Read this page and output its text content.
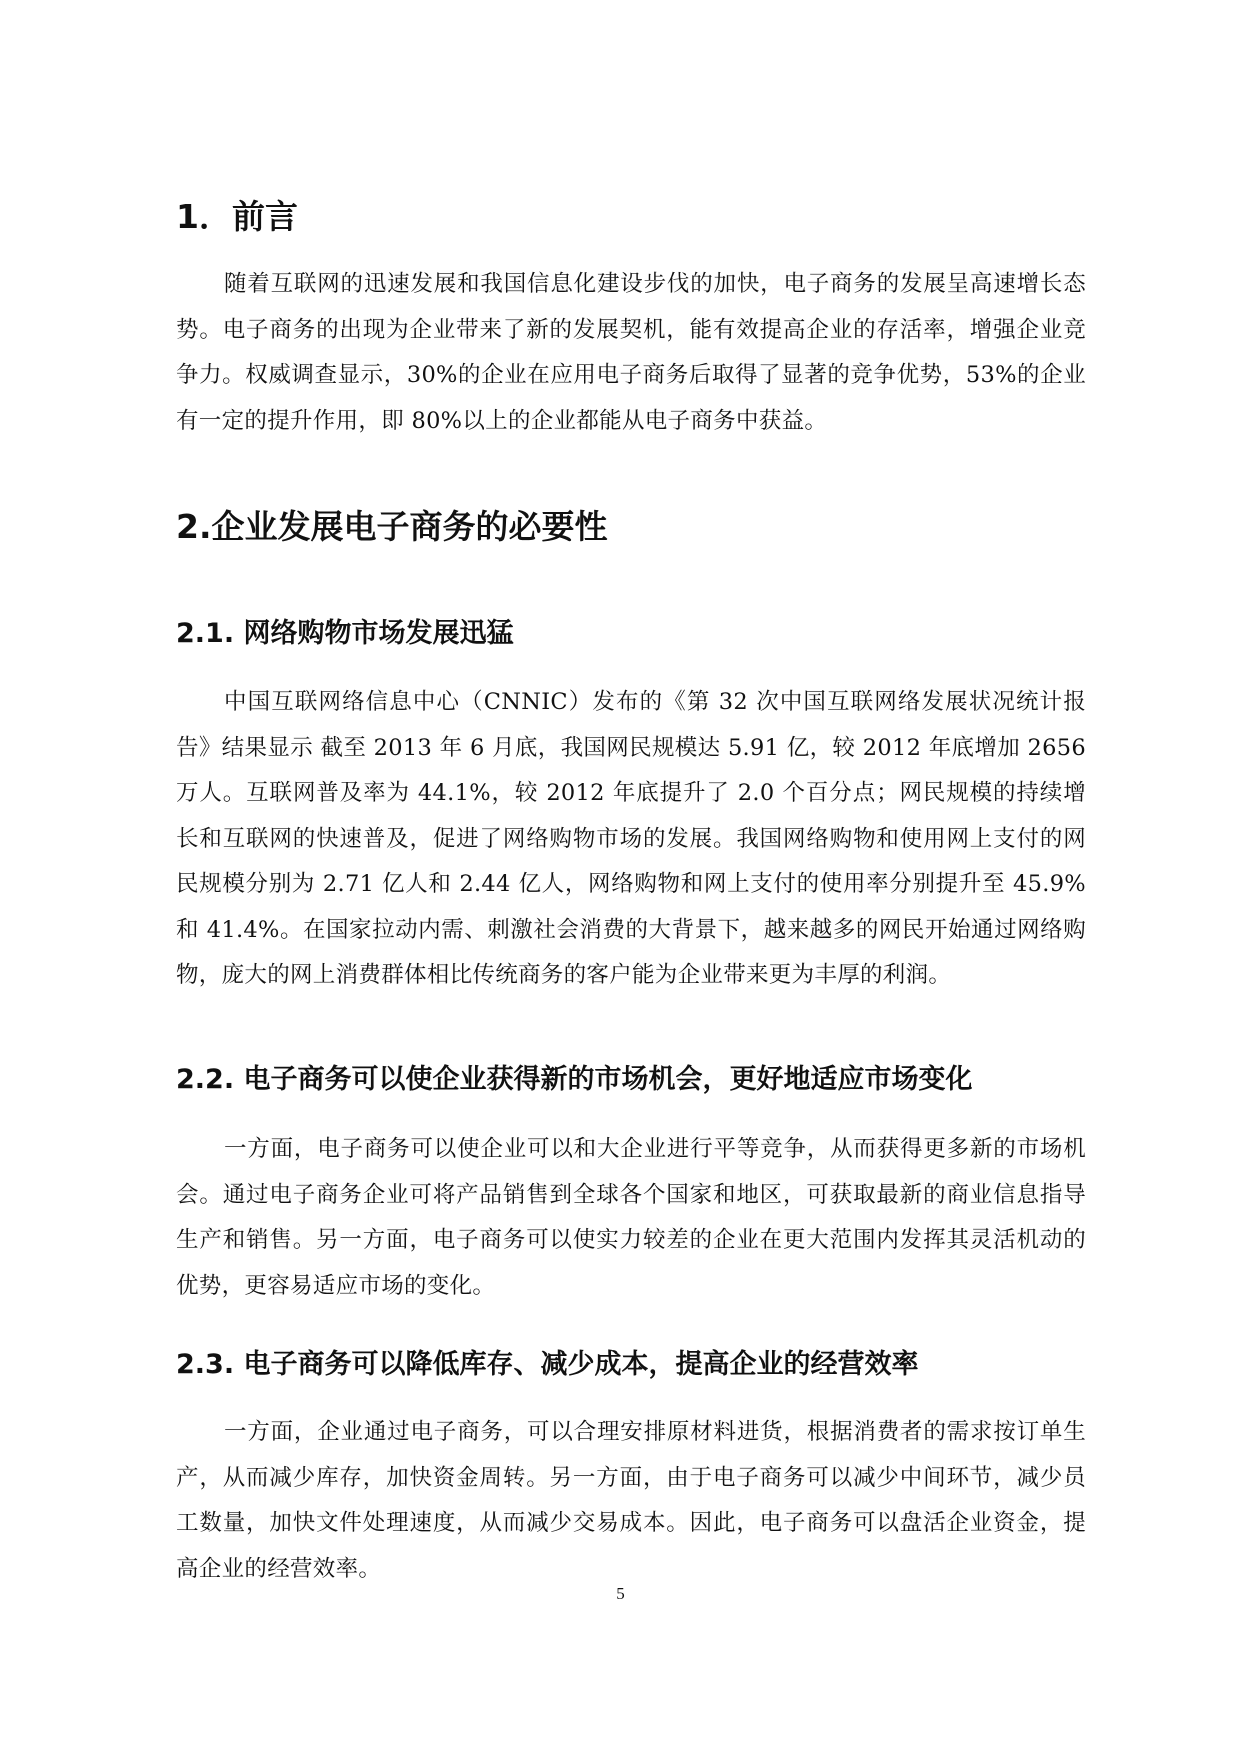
1．前言

随着互联网的迅速发展和我国信息化建设步伐的加快，电子商务的发展呈高速增长态势。电子商务的出现为企业带来了新的发展契机，能有效提高企业的存活率，增强企业竞争力。权威调查显示，30%的企业在应用电子商务后取得了显著的竞争优势，53%的企业有一定的提升作用，即 80%以上的企业都能从电子商务中获益。

2.企业发展电子商务的必要性
2.1. 网络购物市场发展迅猛

中国互联网络信息中心（CNNIC）发布的《第 32 次中国互联网络发展状况统计报告》结果显示 截至 2013 年 6 月底，我国网民规模达 5.91 亿，较 2012 年底增加 2656 万人。互联网普及率为 44.1%，较 2012 年底提升了 2.0 个百分点；网民规模的持续增长和互联网的快速普及，促进了网络购物市场的发展。我国网络购物和使用网上支付的网民规模分别为 2.71 亿人和 2.44 亿人，网络购物和网上支付的使用率分别提升至 45.9%和 41.4%。在国家拉动内需、刺激社会消费的大背景下，越来越多的网民开始通过网络购物，庞大的网上消费群体相比传统商务的客户能为企业带来更为丰厚的利润。

2.2. 电子商务可以使企业获得新的市场机会，更好地适应市场变化

一方面，电子商务可以使企业可以和大企业进行平等竞争，从而获得更多新的市场机会。通过电子商务企业可将产品销售到全球各个国家和地区，可获取最新的商业信息指导生产和销售。另一方面，电子商务可以使实力较差的企业在更大范围内发挥其灵活机动的优势，更容易适应市场的变化。

2.3. 电子商务可以降低库存、减少成本，提高企业的经营效率

一方面，企业通过电子商务，可以合理安排原材料进货，根据消费者的需求按订单生产，从而减少库存，加快资金周转。另一方面，由于电子商务可以减少中间环节，减少员工数量，加快文件处理速度，从而减少交易成本。因此，电子商务可以盘活企业资金，提高企业的经营效率。

5
